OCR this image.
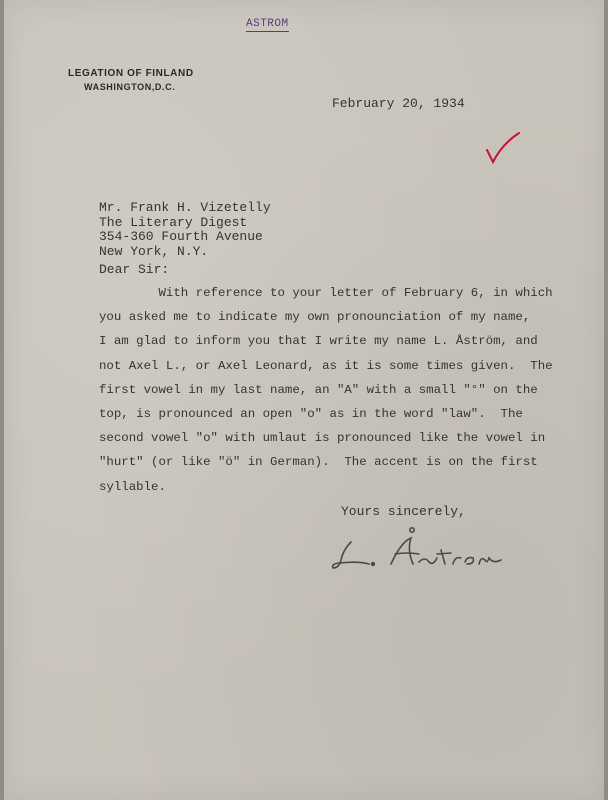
ASTROM
LEGATION OF FINLAND
WASHINGTON,D.C.
February 20, 1934
Mr. Frank H. Vizetelly
The Literary Digest
354-360 Fourth Avenue
New York, N.Y.
Dear Sir:
With reference to your letter of February 6, in which
you asked me to indicate my own pronounciation of my name,
I am glad to inform you that I write my name L. Åström, and
not Axel L., or Axel Leonard, as it is some times given.  The
first vowel in my last name, an "A" with a small "°" on the
top, is pronounced an open "o" as in the word "law".  The
second vowel "o" with umlaut is pronounced like the vowel in
"hurt" (or like "ö" in German).  The accent is on the first
syllable.
Yours sincerely,
